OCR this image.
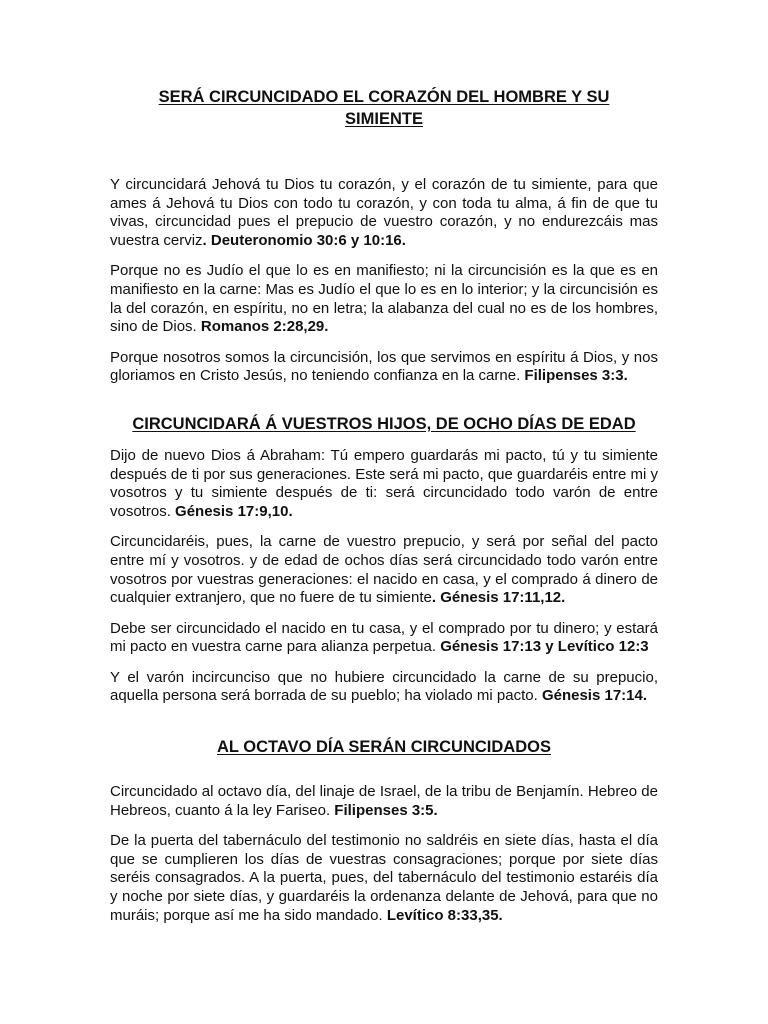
SERÁ CIRCUNCIDADO EL CORAZÓN DEL HOMBRE Y SU SIMIENTE

Y circuncidará Jehová tu Dios tu corazón, y el corazón de tu simiente, para que ames á Jehová tu Dios con todo tu corazón, y con toda tu alma, á fin de que tu vivas, circuncidad pues el prepucio de vuestro corazón, y no endurezcáis mas vuestra cerviz. Deuteronomio 30:6 y 10:16.

Porque no es Judío el que lo es en manifiesto; ni la circuncisión es la que es en manifiesto en la carne: Mas es Judío el que lo es en lo interior; y la circuncisión es la del corazón, en espíritu, no en letra; la alabanza del cual no es de los hombres, sino de Dios. Romanos 2:28,29.

Porque nosotros somos la circuncisión, los que servimos en espíritu á Dios, y nos gloriamos en Cristo Jesús, no teniendo confianza en la carne. Filipenses 3:3.

CIRCUNCIDARÁ Á VUESTROS HIJOS, DE OCHO DÍAS DE EDAD

Dijo de nuevo Dios á Abraham: Tú empero guardarás mi pacto, tú y tu simiente después de ti por sus generaciones. Este será mi pacto, que guardaréis entre mi y vosotros y tu simiente después de ti: será circuncidado todo varón de entre vosotros. Génesis 17:9,10.

Circuncidaréis, pues, la carne de vuestro prepucio, y será por señal del pacto entre mí y vosotros. y de edad de ochos días será circuncidado todo varón entre vosotros por vuestras generaciones: el nacido en casa, y el comprado á dinero de cualquier extranjero, que no fuere de tu simiente. Génesis 17:11,12.

Debe ser circuncidado el nacido en tu casa, y el comprado por tu dinero; y estará mi pacto en vuestra carne para alianza perpetua. Génesis 17:13 y Levítico 12:3

Y el varón incircunciso que no hubiere circuncidado la carne de su prepucio, aquella persona será borrada de su pueblo; ha violado mi pacto. Génesis 17:14.

AL OCTAVO DÍA SERÁN CIRCUNCIDADOS

Circuncidado al octavo día, del linaje de Israel, de la tribu de Benjamín. Hebreo de Hebreos, cuanto á la ley Fariseo. Filipenses 3:5.

De la puerta del tabernáculo del testimonio no saldréis en siete días, hasta el día que se cumplieren los días de vuestras consagraciones; porque por siete días seréis consagrados. A la puerta, pues, del tabernáculo del testimonio estaréis día y noche por siete días, y guardaréis la ordenanza delante de Jehová, para que no muráis; porque así me ha sido mandado. Levítico 8:33,35.
